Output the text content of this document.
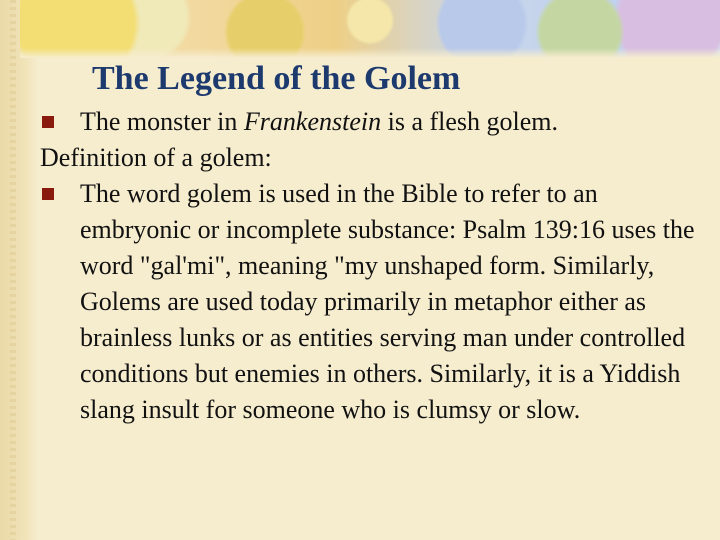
The Legend of the Golem

The monster in Frankenstein is a flesh golem.

Definition of a golem:

The word golem is used in the Bible to refer to an embryonic or incomplete substance: Psalm 139:16 uses the word "gal'mi", meaning "my unshaped form. Similarly, Golems are used today primarily in metaphor either as brainless lunks or as entities serving man under controlled conditions but enemies in others. Similarly, it is a Yiddish slang insult for someone who is clumsy or slow.
